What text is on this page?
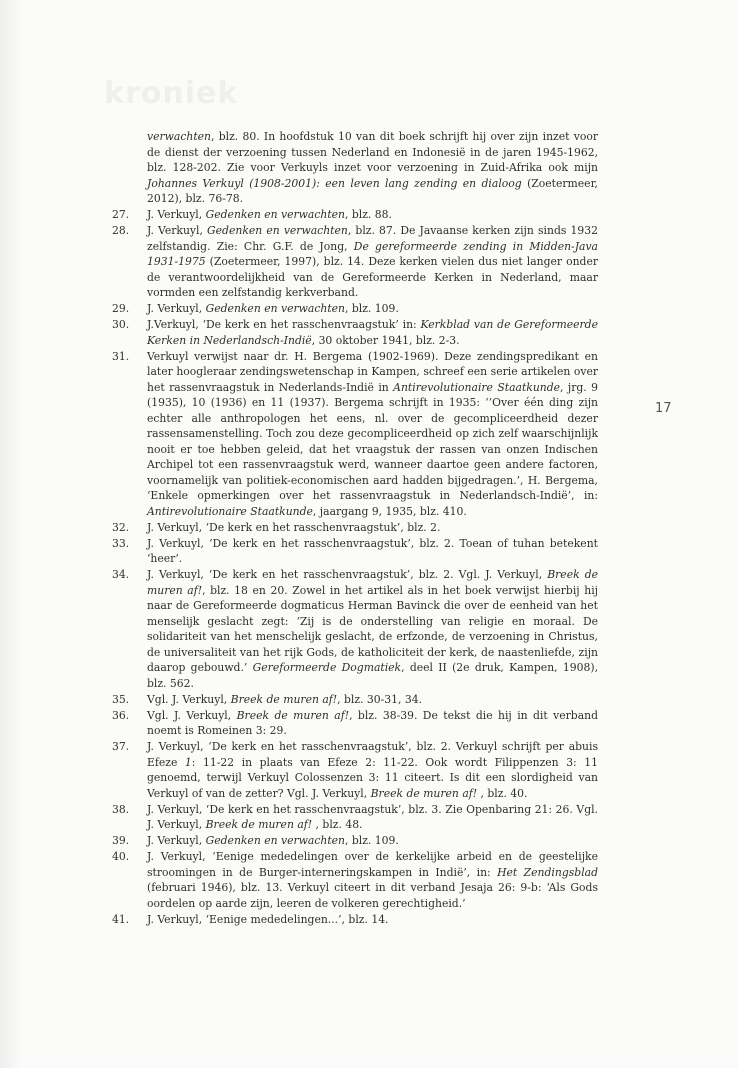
kroniek
verwachten, blz. 80. In hoofdstuk 10 van dit boek schrijft hij over zijn inzet voor de dienst der verzoening tussen Nederland en Indonesië in de jaren 1945-1962, blz. 128-202. Zie voor Verkuyls inzet voor verzoening in Zuid-Afrika ook mijn Johannes Verkuyl (1908-2001): een leven lang zending en dialoog (Zoetermeer, 2012), blz. 76-78.
27.	J. Verkuyl, Gedenken en verwachten, blz. 88.
28.	J. Verkuyl, Gedenken en verwachten, blz. 87. De Javaanse kerken zijn sinds 1932 zelfstandig. Zie: Chr. G.F. de Jong, De gereformeerde zending in Midden-Java 1931-1975 (Zoetermeer, 1997), blz. 14. Deze kerken vielen dus niet langer onder de verantwoordelijkheid van de Gereformeerde Kerken in Nederland, maar vormden een zelfstandig kerkverband.
29.	J. Verkuyl, Gedenken en verwachten, blz. 109.
30.	J.Verkuyl, ‘De kerk en het rasschenvraagstuk’ in: Kerkblad van de Gereformeerde Kerken in Nederlandsch-Indië, 30 oktober 1941, blz. 2-3.
31.	Verkuyl verwijst naar dr. H. Bergema (1902-1969). Deze zendingspredikant en later hoogleraar zendingswetenschap in Kampen, schreef een serie artikelen over het rassenvraagstuk in Nederlands-Indië in Antirevolutionaire Staatkunde, jrg. 9 (1935), 10 (1936) en 11 (1937). Bergema schrijft in 1935: ‘’Over één ding zijn echter alle anthropologen het eens, nl. over de gecompliceerdheid dezer rassensamenstelling. Toch zou deze gecompliceerdheid op zich zelf waarschijnlijk nooit er toe hebben geleid, dat het vraagstuk der rassen van onzen Indischen Archipel tot een rassenvraagstuk werd, wanneer daartoe geen andere factoren, voornamelijk van politiek-economischen aard hadden bijgedragen.’, H. Bergema, ‘Enkele opmerkingen over het rassenvraagstuk in Nederlandsch-Indië’, in: Antirevolutionaire Staatkunde, jaargang 9, 1935, blz. 410.
32.	J. Verkuyl, ‘De kerk en het rasschenvraagstuk’, blz. 2.
33.	J. Verkuyl, ‘De kerk en het rasschenvraagstuk’, blz. 2. Toean of tuhan betekent ‘heer’.
34.	J. Verkuyl, ‘De kerk en het rasschenvraagstuk’, blz. 2. Vgl. J. Verkuyl, Breek de muren af!, blz. 18 en 20. Zowel in het artikel als in het boek verwijst hierbij hij naar de Gereformeerde dogmaticus Herman Bavinck die over de eenheid van het menselijk geslacht zegt: ‘Zij is de onderstelling van religie en moraal. De solidariteit van het menschelijk geslacht, de erfzonde, de verzoening in Christus, de universaliteit van het rijk Gods, de katholiciteit der kerk, de naastenliefde, zijn daarop gebouwd.’ Gereformeerde Dogmatiek, deel II (2e druk, Kampen, 1908), blz. 562.
35.	Vgl. J. Verkuyl, Breek de muren af!, blz. 30-31, 34.
36.	Vgl. J. Verkuyl, Breek de muren af!, blz. 38-39. De tekst die hij in dit verband noemt is Romeinen 3: 29.
37.	J. Verkuyl, ‘De kerk en het rasschenvraagstuk’, blz. 2. Verkuyl schrijft per abuis Efeze 1: 11-22 in plaats van Efeze 2: 11-22. Ook wordt Filippenzen 3: 11 genoemd, terwijl Verkuyl Colossenzen 3: 11 citeert. Is dit een slordigheid van Verkuyl of van de zetter? Vgl. J. Verkuyl, Breek de muren af! , blz. 40.
38.	J. Verkuyl, ‘De kerk en het rasschenvraagstuk’, blz. 3. Zie Openbaring 21: 26. Vgl. J. Verkuyl, Breek de muren af! , blz. 48.
39.	J. Verkuyl, Gedenken en verwachten, blz. 109.
40.	J. Verkuyl, ‘Eenige mededelingen over de kerkelijke arbeid en de geestelijke stroomingen in de Burger-interneringskampen in Indië’, in: Het Zendingsblad (februari 1946), blz. 13. Verkuyl citeert in dit verband Jesaja 26: 9-b: ‘Als Gods oordelen op aarde zijn, leeren de volkeren gerechtigheid.’
41.	J. Verkuyl, ‘Eenige mededelingen...’, blz. 14.
17
